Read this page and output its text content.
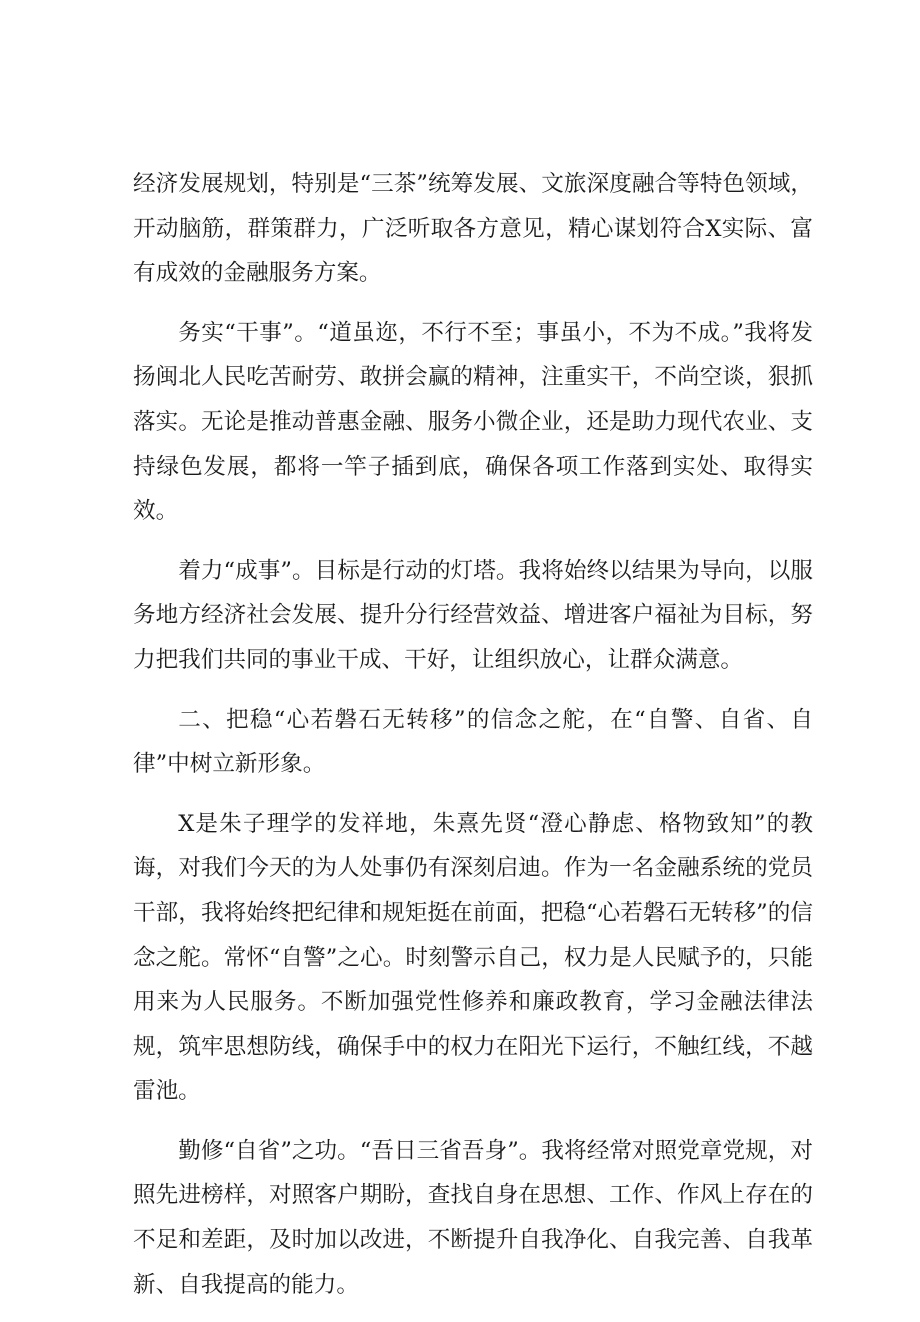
经济发展规划，特别是“三茶”统筹发展、文旅深度融合等特色领域，开动脑筋，群策群力，广泛听取各方意见，精心谋划符合X实际、富有成效的金融服务方案。

务实“干事”。“道虽迩，不行不至；事虽小，不为不成。”我将发扬闽北人民吃苦耐劳、敢拼会赢的精神，注重实干，不尚空谈，狠抓落实。无论是推动普惠金融、服务小微企业，还是助力现代农业、支持绿色发展，都将一竿子插到底，确保各项工作落到实处、取得实效。

着力“成事”。目标是行动的灯塔。我将始终以结果为导向，以服务地方经济社会发展、提升分行经营效益、增进客户福祉为目标，努力把我们共同的事业干成、干好，让组织放心，让群众满意。

二、把稳“心若磐石无转移”的信念之舵，在“自警、自省、自律”中树立新形象。

X是朱子理学的发祥地，朱熹先贤“澄心静虑、格物致知”的教诲，对我们今天的为人处事仍有深刻启迪。作为一名金融系统的党员干部，我将始终把纪律和规矩挺在前面，把稳“心若磐石无转移”的信念之舵。常怀“自警”之心。时刻警示自己，权力是人民赋予的，只能用来为人民服务。不断加强党性修养和廉政教育，学习金融法律法规，筑牢思想防线，确保手中的权力在阳光下运行，不触红线，不越雷池。

勤修“自省”之功。“吾日三省吾身”。我将经常对照党章党规，对照先进榜样，对照客户期盼，查找自身在思想、工作、作风上存在的不足和差距，及时加以改进，不断提升自我净化、自我完善、自我革新、自我提高的能力。
